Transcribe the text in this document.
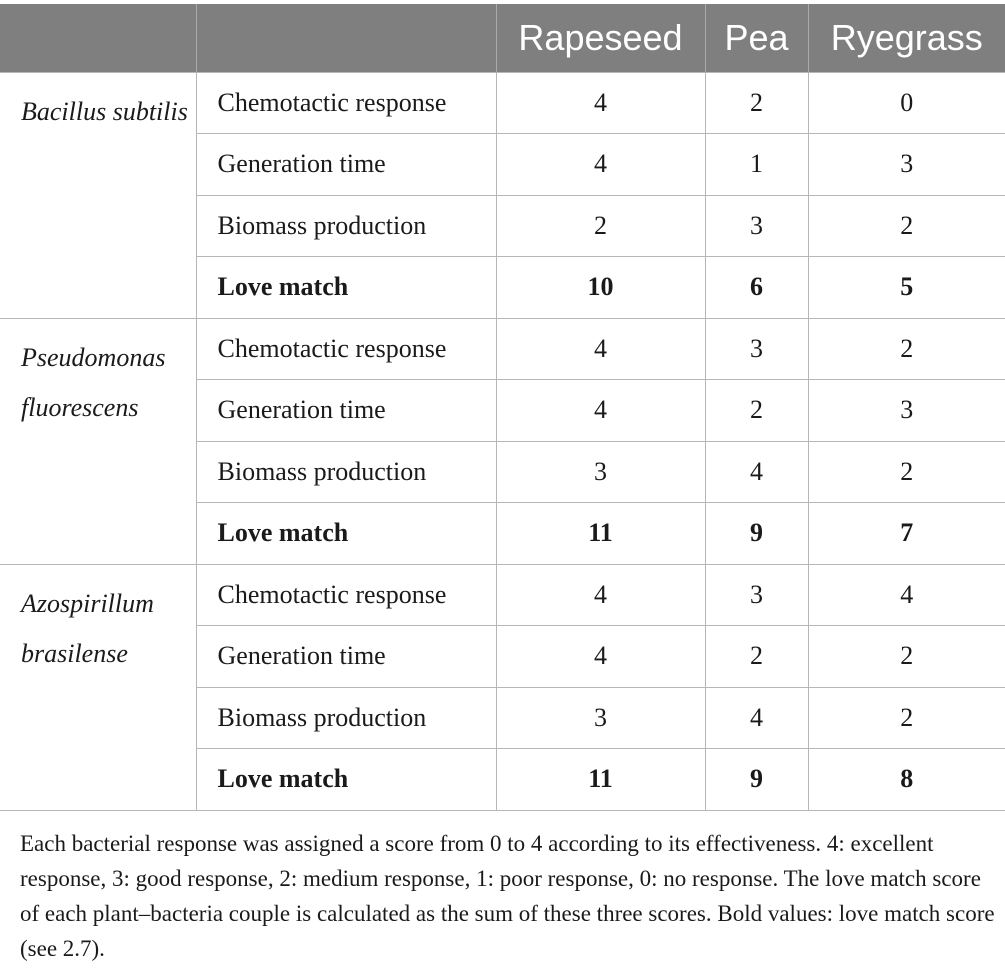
		Rapeseed	Pea	Ryegrass
Bacillus subtilis	Chemotactic response	4	2	0
	Generation time	4	1	3
	Biomass production	2	3	2
	Love match	10	6	5
Pseudomonas fluorescens	Chemotactic response	4	3	2
	Generation time	4	2	3
	Biomass production	3	4	2
	Love match	11	9	7
Azospirillum brasilense	Chemotactic response	4	3	4
	Generation time	4	2	2
	Biomass production	3	4	2
	Love match	11	9	8

Each bacterial response was assigned a score from 0 to 4 according to its effectiveness. 4: excellent response, 3: good response, 2: medium response, 1: poor response, 0: no response. The love match score of each plant–bacteria couple is calculated as the sum of these three scores. Bold values: love match score (see 2.7).
